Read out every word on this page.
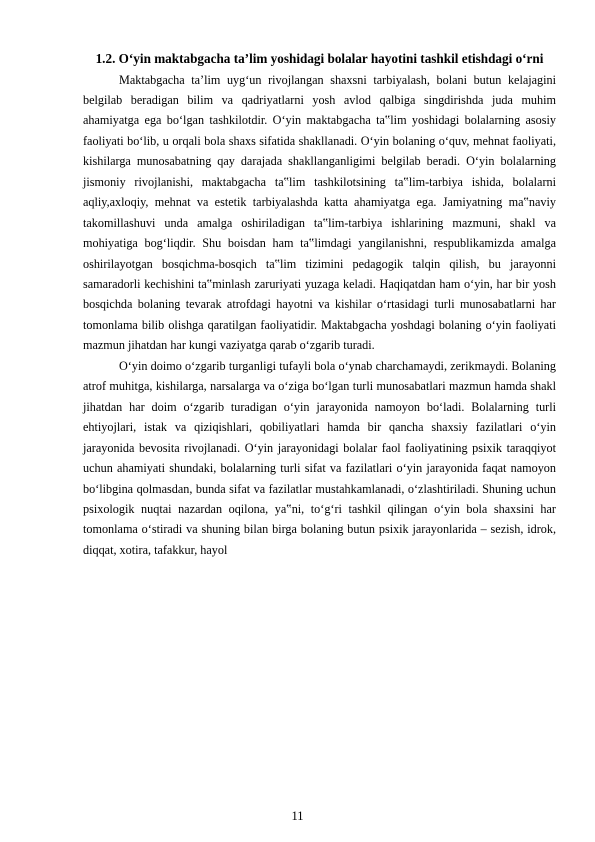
1.2. O‘yin maktabgacha ta’lim yoshidagi bolalar hayotini tashkil etishdagi o‘rni

Maktabgacha ta’lim uyg‘un rivojlangan shaxsni tarbiyalash, bolani butun kelajagini belgilab beradigan bilim va qadriyatlarni yosh avlod qalbiga singdirishda juda muhim ahamiyatga ega bo‘lgan tashkilotdir. O‘yin maktabgacha ta‟lim yoshidagi bolalarning asosiy faoliyati bo‘lib, u orqali bola shaxs sifatida shakllanadi. O‘yin bolaning o‘quv, mehnat faoliyati, kishilarga munosabatning qay darajada shakllanganligimi belgilab beradi. O‘yin bolalarning jismoniy rivojlanishi, maktabgacha ta‟lim tashkilotsining ta‟lim-tarbiya ishida, bolalarni aqliy,axloqiy, mehnat va estetik tarbiyalashda katta ahamiyatga ega. Jamiyatning ma‟naviy takomillashuvi unda amalga oshiriladigan ta‟lim-tarbiya ishlarining mazmuni, shakl va mohiyatiga bog‘liqdir. Shu boisdan ham ta‟limdagi yangilanishni, respublikamizda amalga oshirilayotgan bosqichma-bosqich ta‟lim tizimini pedagogik talqin qilish, bu jarayonni samaradorli kechishini ta‟minlash zaruriyati yuzaga keladi. Haqiqatdan ham o‘yin, har bir yosh bosqichda bolaning tevarak atrofdagi hayotni va kishilar o‘rtasidagi turli munosabatlarni har tomonlama bilib olishga qaratilgan faoliyatidir. Maktabgacha yoshdagi bolaning o‘yin faoliyati mazmun jihatdan har kungi vaziyatga qarab o‘zgarib turadi.

O‘yin doimo o‘zgarib turganligi tufayli bola o‘ynab charchamaydi, zerikmaydi. Bolaning atrof muhitga, kishilarga, narsalarga va o‘ziga bo‘lgan turli munosabatlari mazmun hamda shakl jihatdan har doim o‘zgarib turadigan o‘yin jarayonida namoyon bo‘ladi. Bolalarning turli ehtiyojlari, istak va qiziqishlari, qobiliyatlari hamda bir qancha shaxsiy fazilatlari o‘yin jarayonida bevosita rivojlanadi. O‘yin jarayonidagi bolalar faol faoliyatining psixik taraqqiyot uchun ahamiyati shundaki, bolalarning turli sifat va fazilatlari o‘yin jarayonida faqat namoyon bo‘libgina qolmasdan, bunda sifat va fazilatlar mustahkamlanadi, o‘zlashtiriladi. Shuning uchun psixologik nuqtai nazardan oqilona, ya‟ni, to‘g‘ri tashkil qilingan o‘yin bola shaxsini har tomonlama o‘stiradi va shuning bilan birga bolaning butun psixik jarayonlarida – sezish, idrok, diqqat, xotira, tafakkur, hayol

11
